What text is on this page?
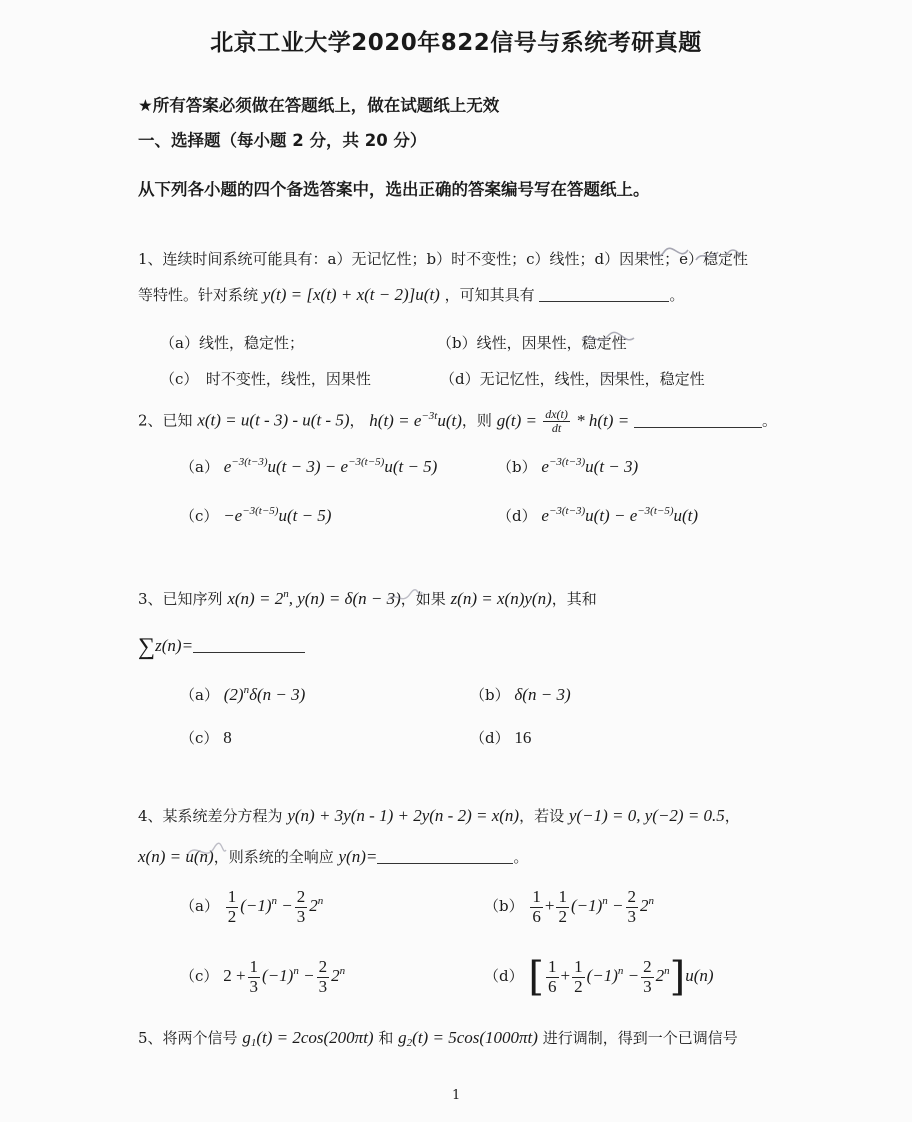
北京工业大学2020年822信号与系统考研真题
★所有答案必须做在答题纸上，做在试题纸上无效
一、选择题（每小题 2 分，共 20 分）
从下列各小题的四个备选答案中，选出正确的答案编号写在答题纸上。
1、连续时间系统可能具有：a）无记忆性；b）时不变性；c）线性；d）因果性；e）稳定性
等特性。针对系统 y(t) = [x(t) + x(t − 2)]u(t) ，可知其具有	。
（a）线性，稳定性；	（b）线性，因果性，稳定性
（c）　时不变性，线性，因果性	（d）无记忆性，线性，因果性，稳定性
2、已知 x(t) = u(t - 3) - u(t - 5)， $h(t) = e^{-3t}u(t)$，则 $g(t) = \frac{dx(t)}{dt} * h(t)$ =	。
（a） $e^{-3(t-3)}u(t - 3) - e^{-3(t-5)}u(t - 5)$	（b） $e^{-3(t-3)}u(t - 3)$
$(c) -e^{-3(t-5)}u(t - 5)$	（d） $e^{-3(t-3)}u(t) - e^{-3(t-5)}u(t)$
3、已知序列 $x(n) = 2^n$, y(n) = δ(n − 3)，如果 z(n) = x(n)y(n)，其和
∑z(n)=
（a） $(2)^n\delta(n - 3)$	（b） δ(n − 3)
（c） 8	（d） 16
4、某系统差分方程为 y(n) + 3y(n - 1) + 2y(n - 2) = x(n)，若设 y(−1) = 0, y(−2) = 0.5，
x(n) = u(n)，则系统的全响应 y(n)=	。
$(a) \frac{1}{2} (-1)^n - \frac{2}{3} 2^n$	$(b) \frac{1}{6} + \frac{1}{2} (-1)^n - \frac{2}{3} 2^n$
（c） $2 + \frac{1}{3} (-1)^n - \frac{2}{3} 2^n$	（d） [ $\frac{1}{6} + \frac{1}{2} (-1)^n - \frac{2}{3} 2^n]u(n)$
5、将两个信号 $g_1(t) = 2\cos(200\pi t)$ 和 $g_2(t) = 5\cos(1000\pi t)$ 进行调制，得到一个已调信号
1
